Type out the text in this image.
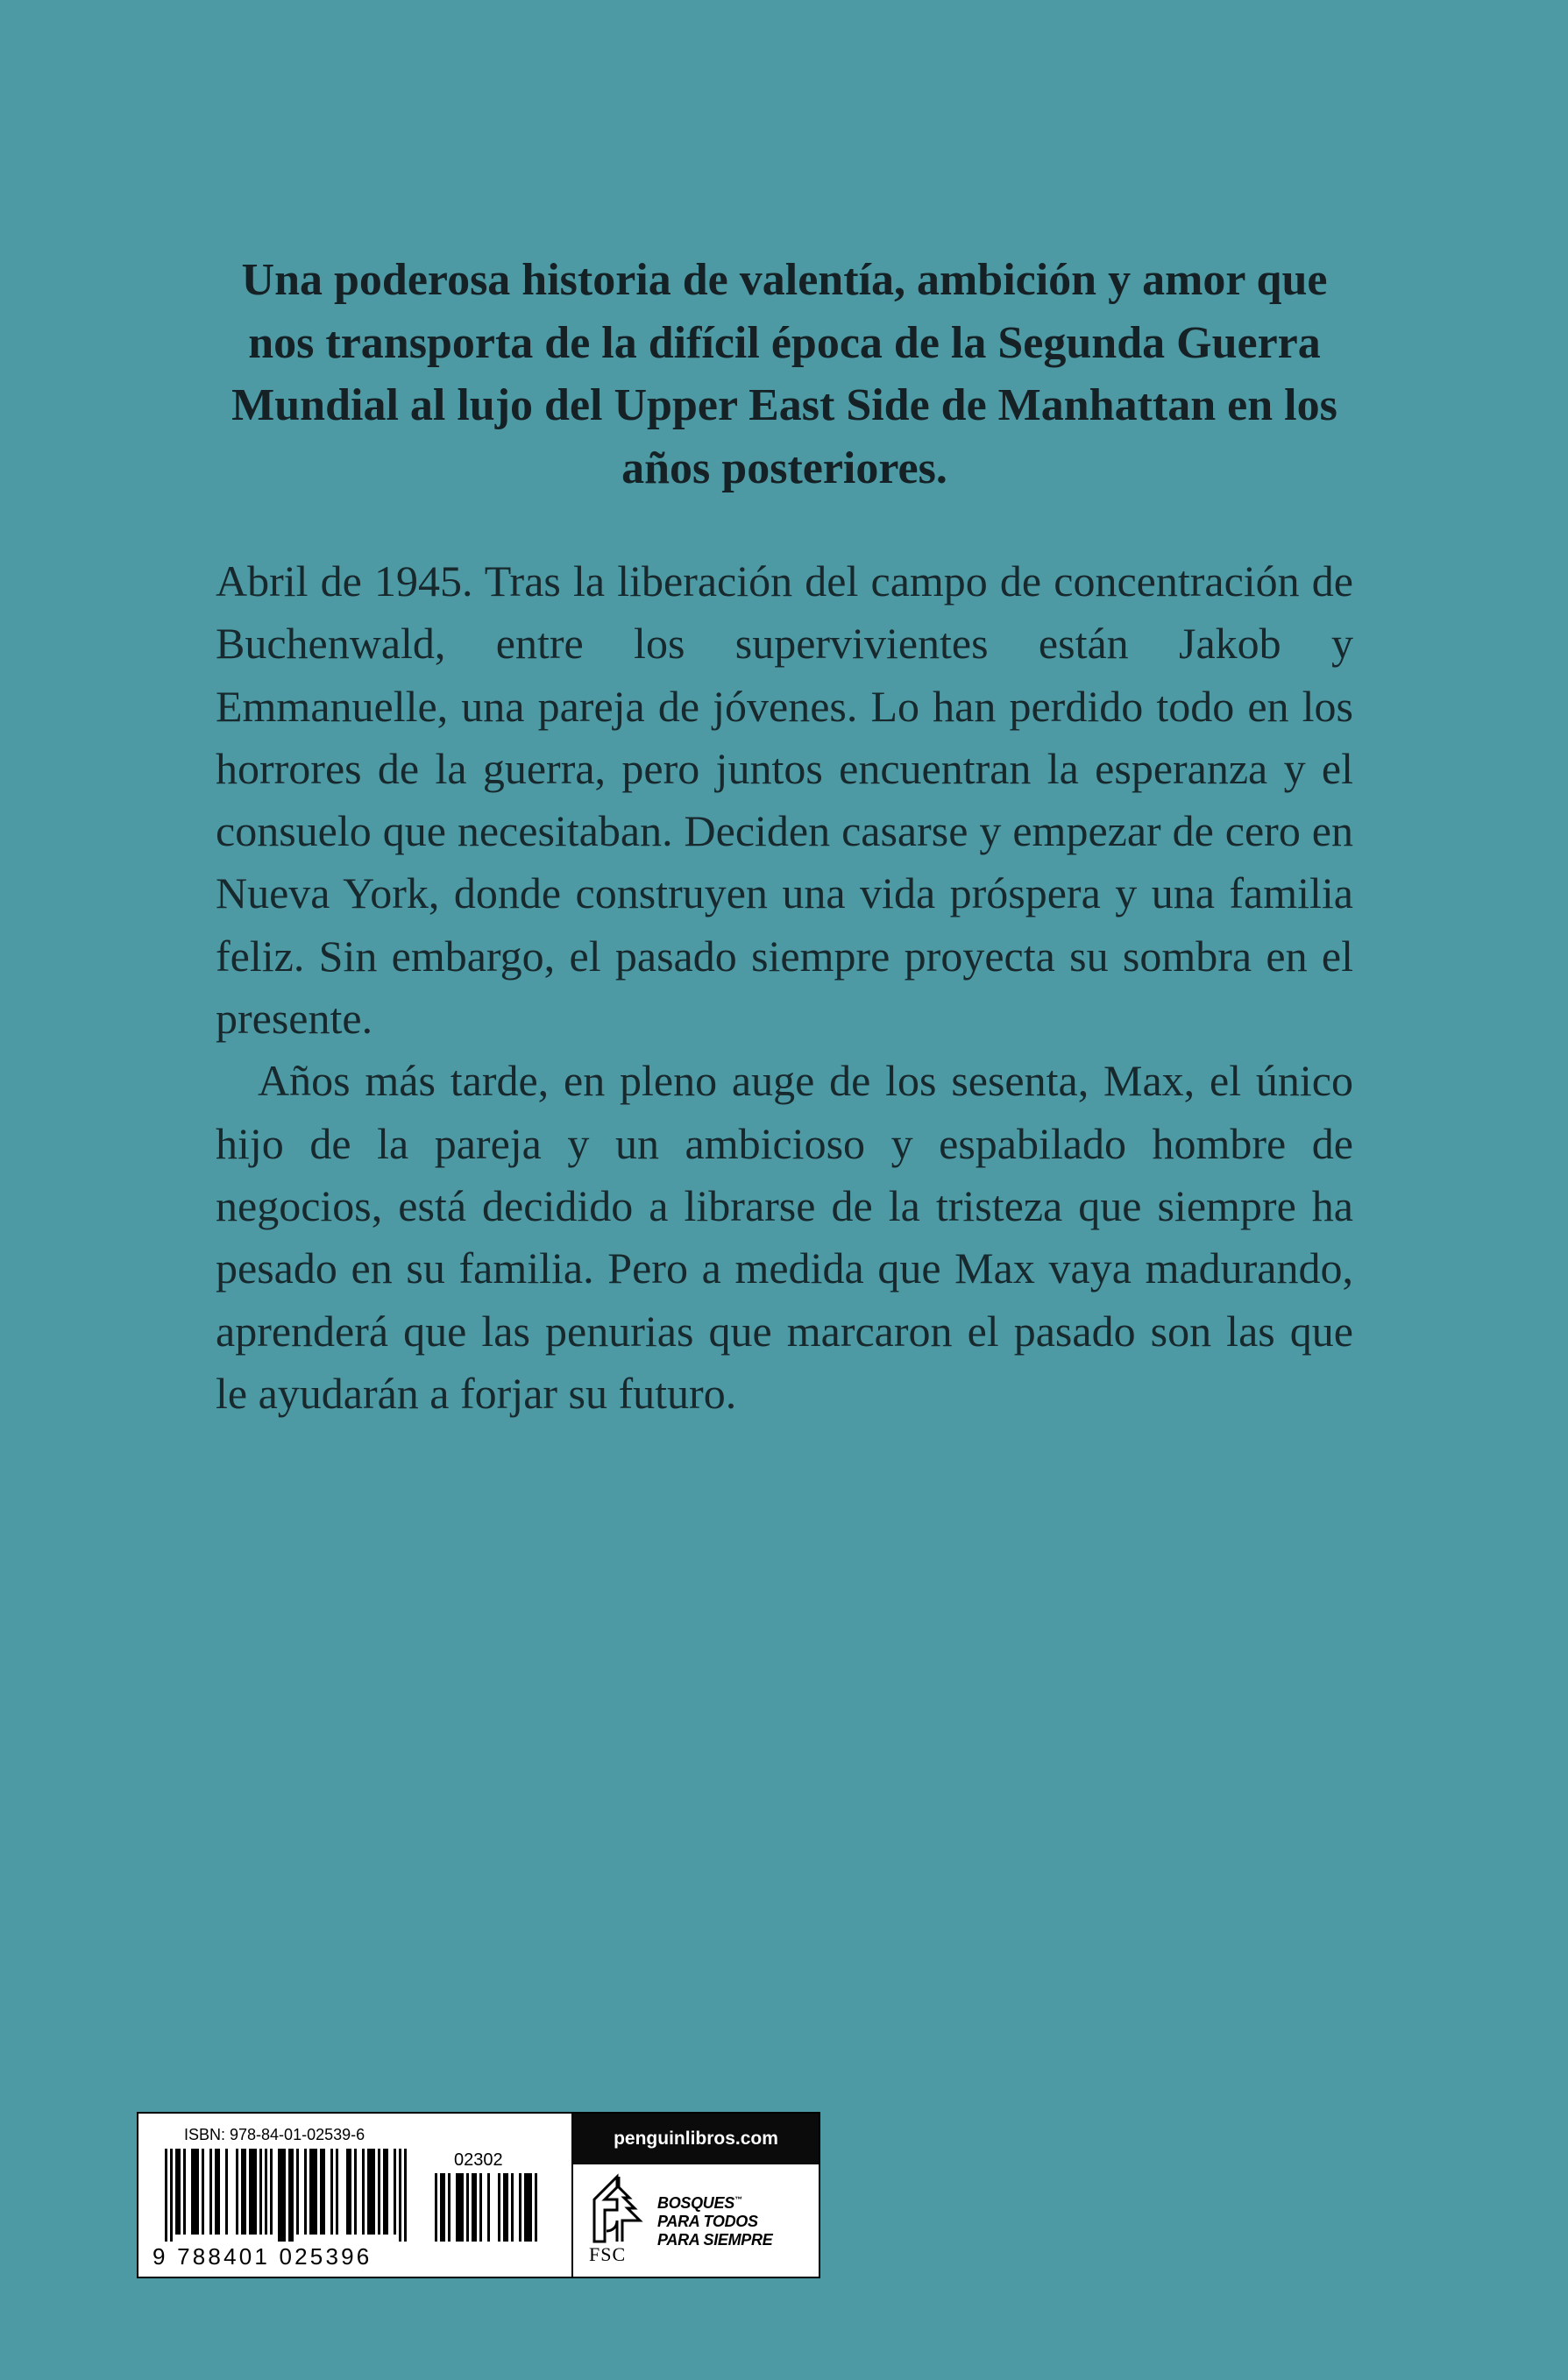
Una poderosa historia de valentía, ambición y amor que nos transporta de la difícil época de la Segunda Guerra Mundial al lujo del Upper East Side de Manhattan en los años posteriores.

Abril de 1945. Tras la liberación del campo de concentración de Buchenwald, entre los supervivientes están Jakob y Emmanuelle, una pareja de jóvenes. Lo han perdido todo en los horrores de la guerra, pero juntos encuentran la esperanza y el consuelo que necesitaban. Deciden casarse y empezar de cero en Nueva York, donde construyen una vida próspera y una familia feliz. Sin embargo, el pasado siempre proyecta su sombra en el presente.

Años más tarde, en pleno auge de los sesenta, Max, el único hijo de la pareja y un ambicioso y espabilado hombre de negocios, está decidido a librarse de la tristeza que siempre ha pesado en su familia. Pero a medida que Max vaya madurando, aprenderá que las penurias que marcaron el pasado son las que le ayudarán a forjar su futuro.

ISBN: 978-84-01-02539-6
02302
9 788401 025396
penguinlibros.com
FSC
BOSQUES™
PARA TODOS
PARA SIEMPRE
